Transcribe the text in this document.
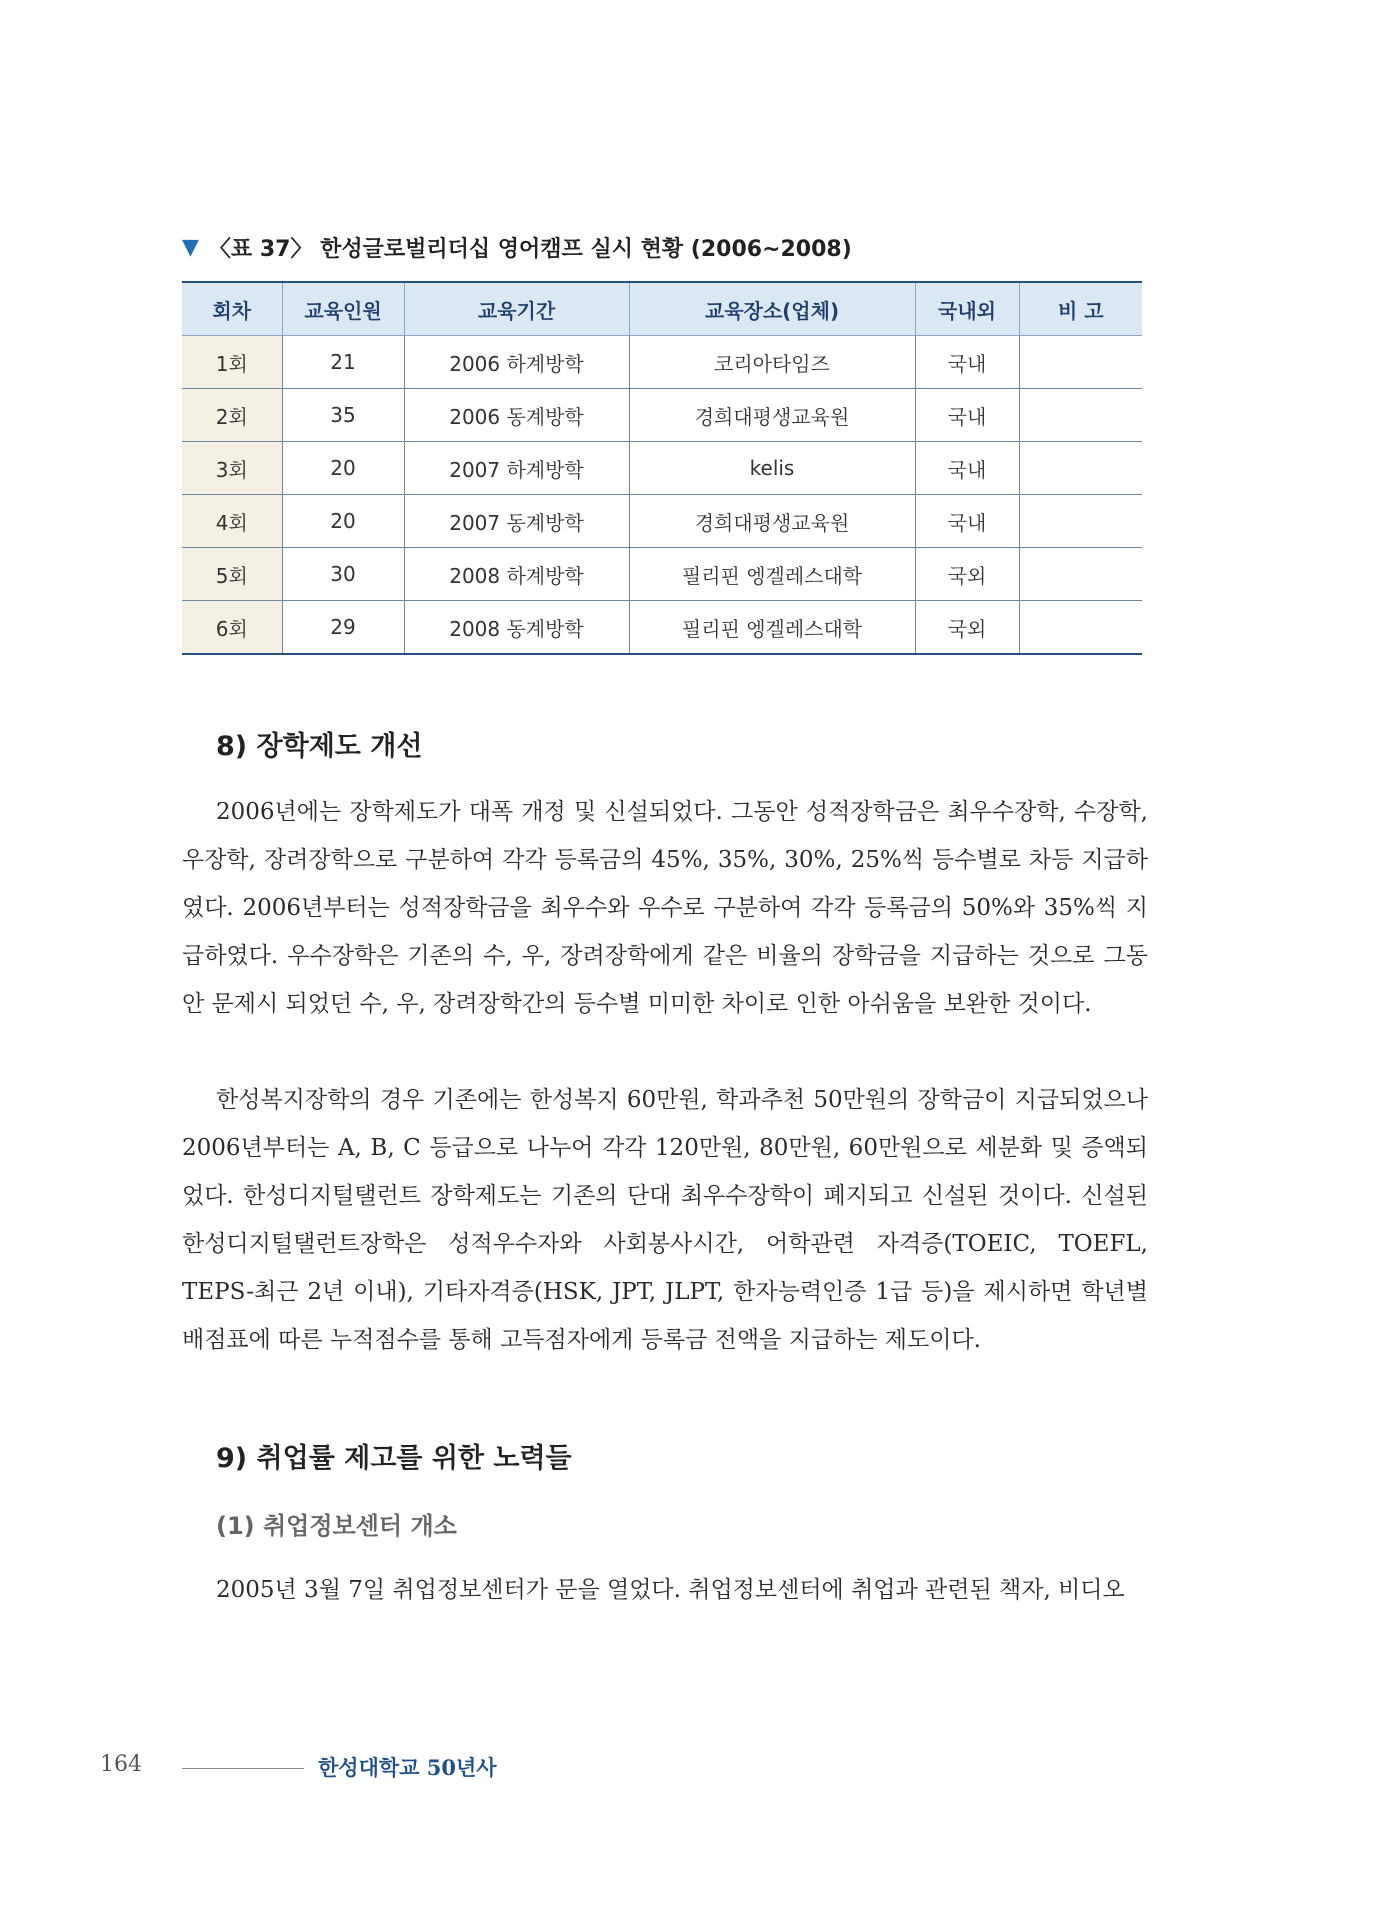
▼ 〈표 37〉 한성글로벌리더십 영어캠프 실시 현황 (2006~2008)
회차	교육인원	교육기간	교육장소(업체)	국내외	비 고
1회	21	2006 하계방학	코리아타임즈	국내	
2회	35	2006 동계방학	경희대평생교육원	국내	
3회	20	2007 하계방학	kelis	국내	
4회	20	2007 동계방학	경희대평생교육원	국내	
5회	30	2008 하계방학	필리핀 엥겔레스대학	국외	
6회	29	2008 동계방학	필리핀 엥겔레스대학	국외	
8) 장학제도 개선

2006년에는 장학제도가 대폭 개정 및 신설되었다. 그동안 성적장학금은 최우수장학, 수장학, 우장학, 장려장학으로 구분하여 각각 등록금의 45%, 35%, 30%, 25%씩 등수별로 차등 지급하였다. 2006년부터는 성적장학금을 최우수와 우수로 구분하여 각각 등록금의 50%와 35%씩 지급하였다. 우수장학은 기존의 수, 우, 장려장학에게 같은 비율의 장학금을 지급하는 것으로 그동안 문제시 되었던 수, 우, 장려장학간의 등수별 미미한 차이로 인한 아쉬움을 보완한 것이다.

한성복지장학의 경우 기존에는 한성복지 60만원, 학과추천 50만원의 장학금이 지급되었으나 2006년부터는 A, B, C 등급으로 나누어 각각 120만원, 80만원, 60만원으로 세분화 및 증액되었다. 한성디지털탤런트 장학제도는 기존의 단대 최우수장학이 폐지되고 신설된 것이다. 신설된 한성디지털탤런트장학은 성적우수자와 사회봉사시간, 어학관련 자격증(TOEIC, TOEFL, TEPS-최근 2년 이내), 기타자격증(HSK, JPT, JLPT, 한자능력인증 1급 등)을 제시하면 학년별 배점표에 따른 누적점수를 통해 고득점자에게 등록금 전액을 지급하는 제도이다.

9) 취업률 제고를 위한 노력들
(1) 취업정보센터 개소

2005년 3월 7일 취업정보센터가 문을 열었다. 취업정보센터에 취업과 관련된 책자, 비디오

164	한성대학교 50년사
